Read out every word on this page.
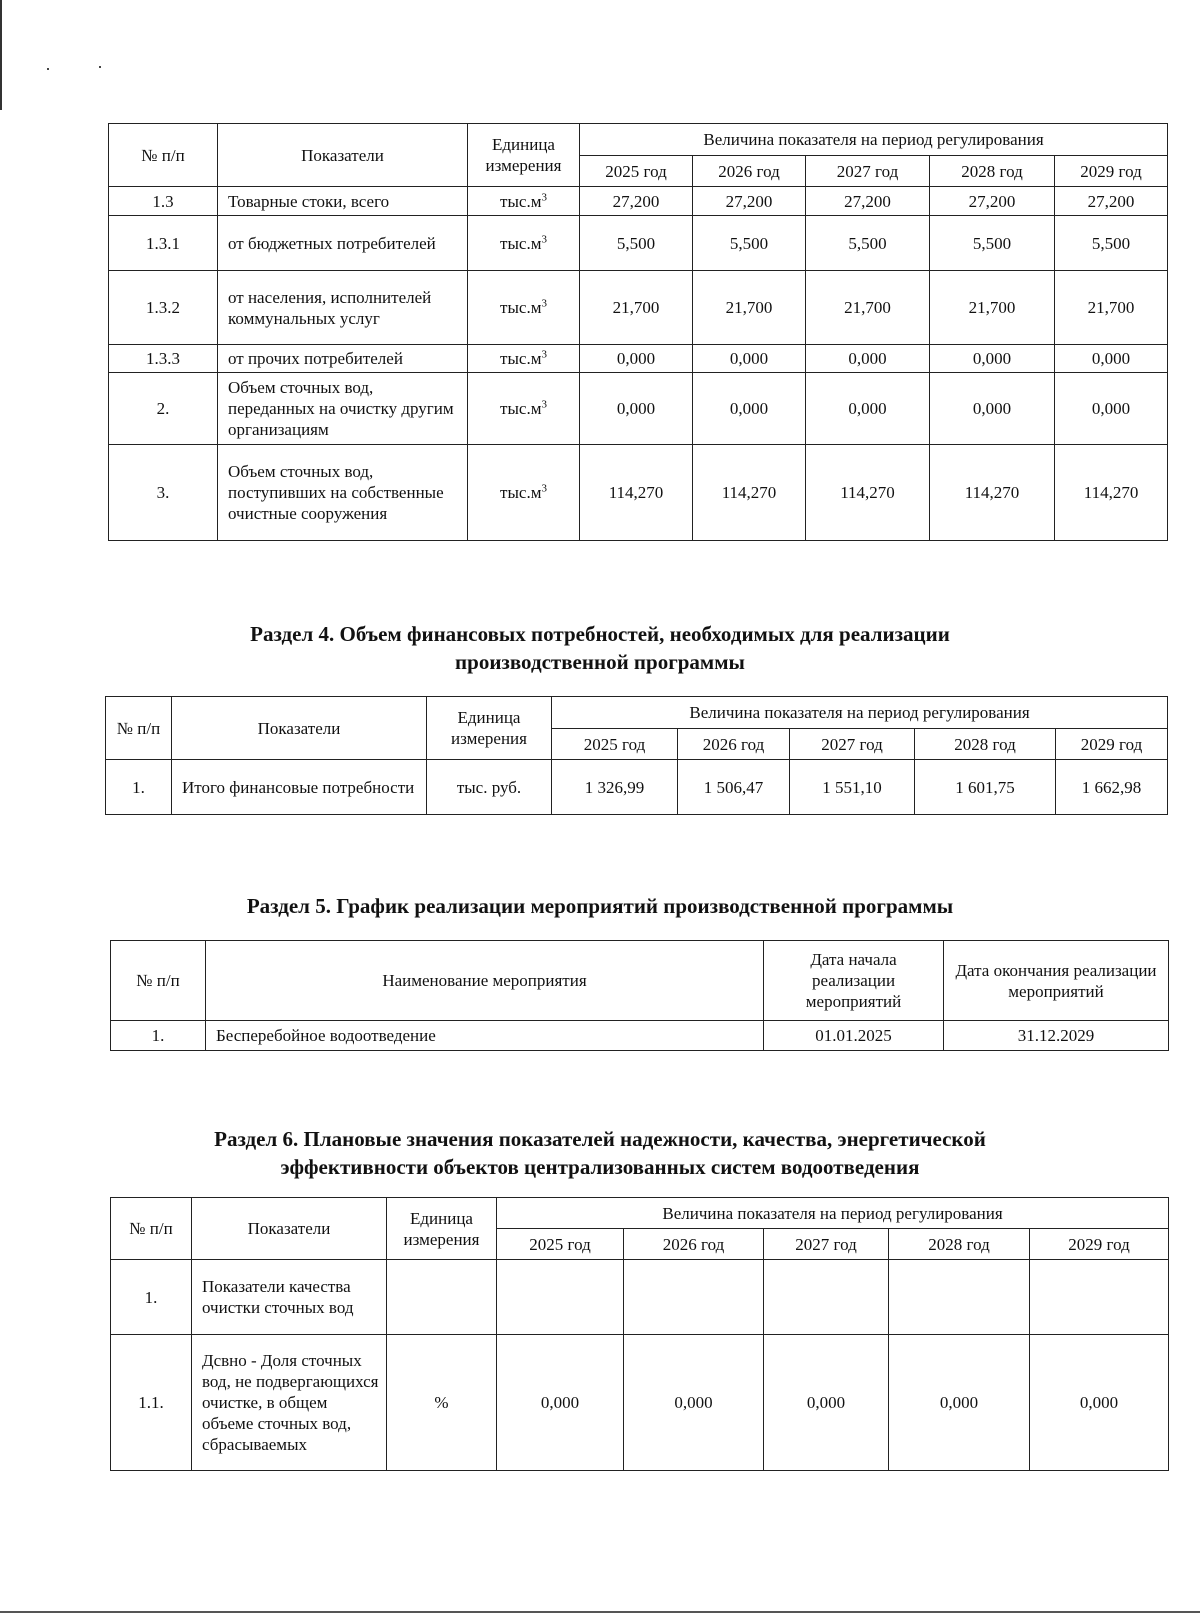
№ п/п	Показатели	Единица измерения	Величина показателя на период регулирования				
			2025 год	2026 год	2027 год	2028 год	2029 год
1.3	Товарные стоки, всего	$тыс.м^3$	27,200	27,200	27,200	27,200	27,200
1.3.1	от бюджетных потребителей	$тыс.м^3$	5,500	5,500	5,500	5,500	5,500
1.3.2	от населения, исполнителей коммунальных услуг	$тыс.м^3$	21,700	21,700	21,700	21,700	21,700
1.3.3	от прочих потребителей	$тыс.м^3$	0,000	0,000	0,000	0,000	0,000
2.	Объем сточных вод, переданных на очистку другим организациям	$тыс.м^3$	0,000	0,000	0,000	0,000	0,000
3.	Объем сточных вод, поступивших на собственные очистные сооружения	$тыс.м^3$	114,270	114,270	114,270	114,270	114,270
Раздел 4. Объем финансовых потребностей, необходимых для реализации
производственной программы
№ п/п	Показатели	Единица измерения	Величина показателя на период регулирования				
			2025 год	2026 год	2027 год	2028 год	2029 год
1.	Итого финансовые потребности	тыс. руб.	1 326,99	1 506,47	1 551,10	1 601,75	1 662,98
Раздел 5. График реализации мероприятий производственной программы
№ п/п	Наименование мероприятия	Дата начала реализации мероприятий	Дата окончания реализации мероприятий
1.	Бесперебойное водоотведение	01.01.2025	31.12.2029
Раздел 6. Плановые значения показателей надежности, качества, энергетической
эффективности объектов централизованных систем водоотведения
№ п/п	Показатели	Единица измерения	Величина показателя на период регулирования				
			2025 год	2026 год	2027 год	2028 год	2029 год
1.	Показатели качества очистки сточных вод						
1.1.	Дсвно - Доля сточных вод, не подвергающихся очистке, в общем объеме сточных вод, сбрасываемых	%	0,000	0,000	0,000	0,000	0,000
